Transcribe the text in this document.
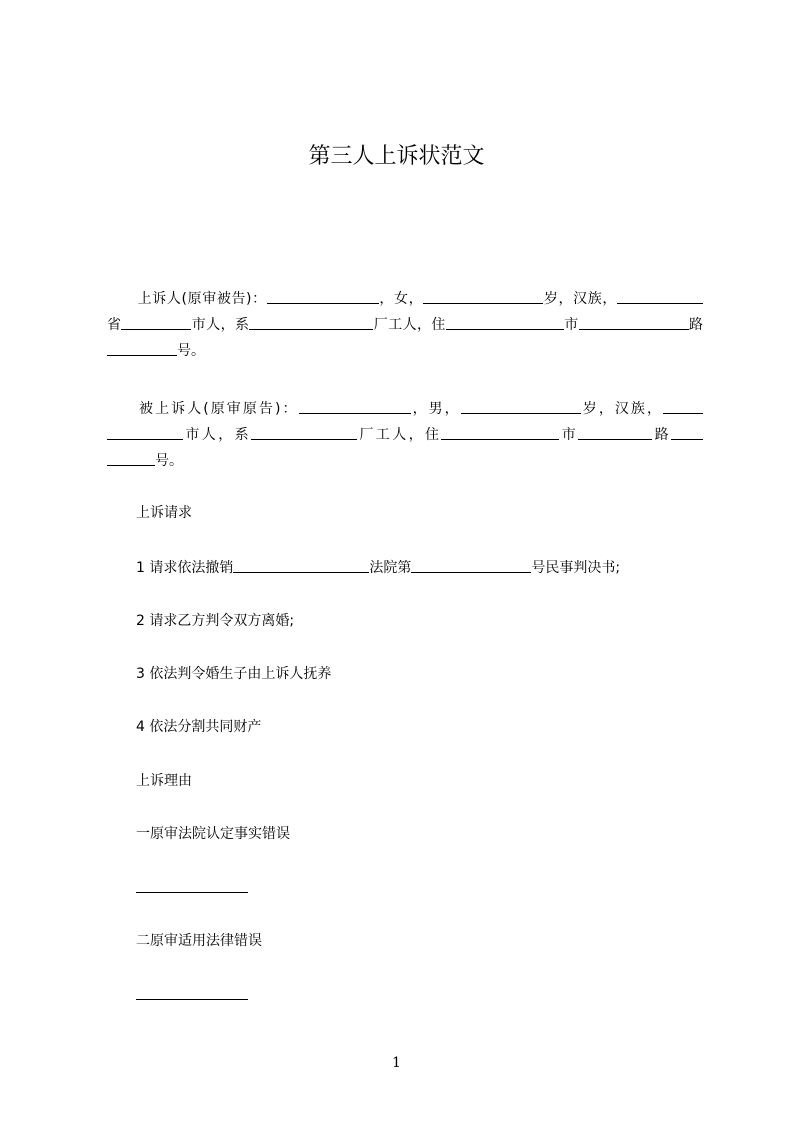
第三人上诉状范文
上诉人(原审被告)：	，女，	岁，汉族，省	市人，系	厂工人，住	市	路号。
被上诉人(原审原告)：	，男，	岁，汉族，市人，系	厂工人，住	市	路号。
上诉请求
1 请求依法撤销	法院第	号民事判决书;
2 请求乙方判令双方离婚;
3 依法判令婚生子由上诉人抚养
4 依法分割共同财产
上诉理由
一原审法院认定事实错误
二原审适用法律错误
1
